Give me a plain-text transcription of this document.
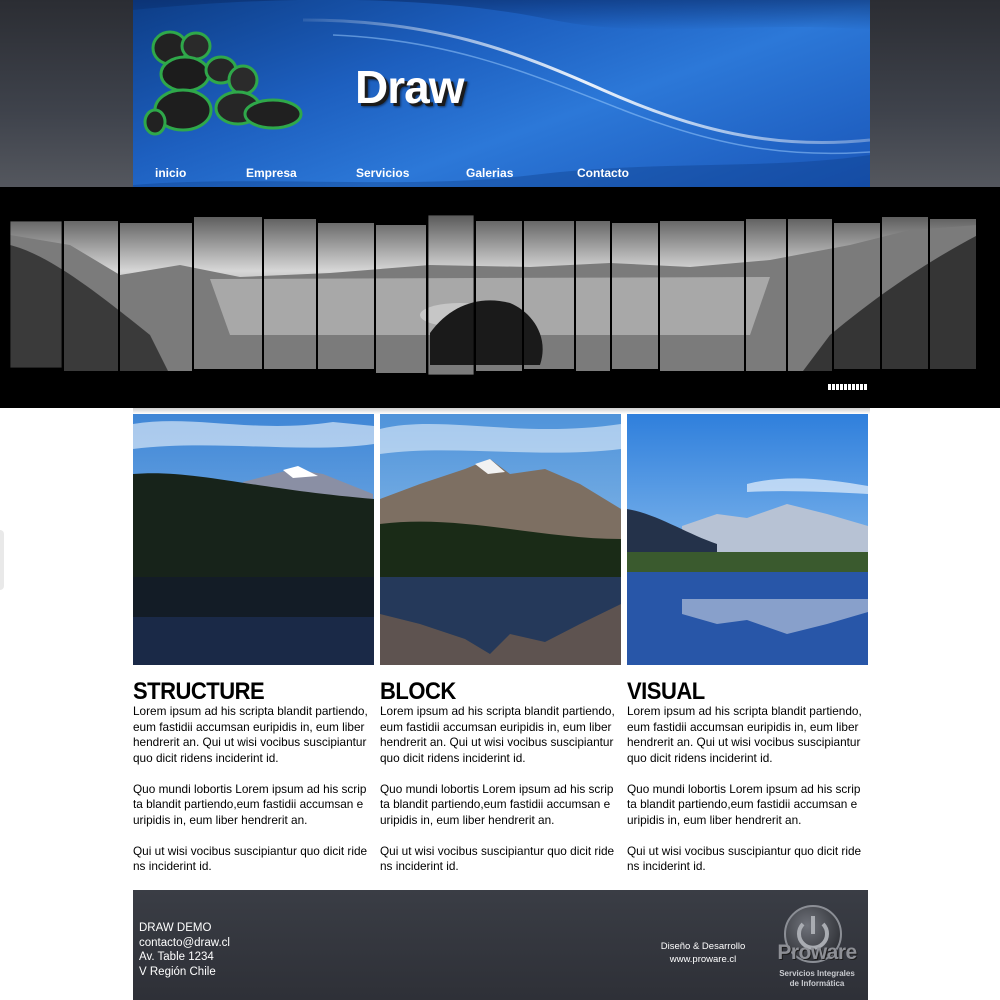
Draw
inicio	Empresa	Servicios	Galerias	Contacto
STRUCTURE

Lorem ipsum ad his scripta blandit partiendo,
eum fastidii accumsan euripidis in, eum liber
hendrerit an. Qui ut wisi vocibus suscipiantur
quo dicit ridens inciderint id.

Quo mundi lobortis Lorem ipsum ad his scrip
ta blandit partiendo,eum fastidii accumsan e
uripidis in, eum liber hendrerit an.

Qui ut wisi vocibus suscipiantur quo dicit ride
ns inciderint id.

BLOCK

Lorem ipsum ad his scripta blandit partiendo,
eum fastidii accumsan euripidis in, eum liber
hendrerit an. Qui ut wisi vocibus suscipiantur
quo dicit ridens inciderint id.

Quo mundi lobortis Lorem ipsum ad his scrip
ta blandit partiendo,eum fastidii accumsan e
uripidis in, eum liber hendrerit an.

Qui ut wisi vocibus suscipiantur quo dicit ride
ns inciderint id.

VISUAL

Lorem ipsum ad his scripta blandit partiendo,
eum fastidii accumsan euripidis in, eum liber
hendrerit an. Qui ut wisi vocibus suscipiantur
quo dicit ridens inciderint id.

Quo mundi lobortis Lorem ipsum ad his scrip
ta blandit partiendo,eum fastidii accumsan e
uripidis in, eum liber hendrerit an.

Qui ut wisi vocibus suscipiantur quo dicit ride
ns inciderint id.

DRAW DEMO
contacto@draw.cl
Av. Table 1234
V Región Chile
Diseño & Desarrollo
www.proware.cl	Proware
Servicios Integrales
de Informática
